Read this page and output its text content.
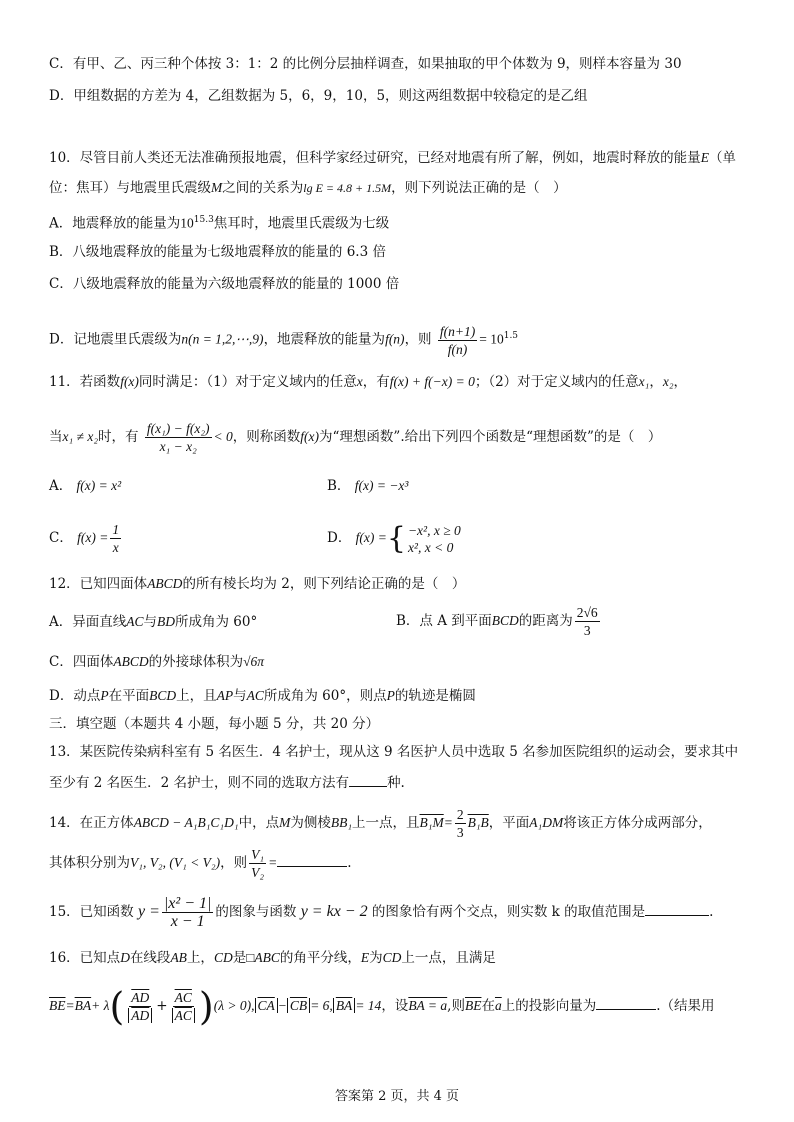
C．有甲、乙、丙三种个体按 3：1：2 的比例分层抽样调查，如果抽取的甲个体数为 9，则样本容量为 30
D．甲组数据的方差为 4，乙组数据为 5，6，9，10，5，则这两组数据中较稳定的是乙组
10．尽管目前人类还无法准确预报地震，但科学家经过研究，已经对地震有所了解，例如，地震时释放的能量E（单
位：焦耳）与地震里氏震级M之间的关系为lg E = 4.8 + 1.5M，则下列说法正确的是（　）
A．地震释放的能量为$10^{15.3}$焦耳时，地震里氏震级为七级
B．八级地震释放的能量为七级地震释放的能量的 6.3 倍
C．八级地震释放的能量为六级地震释放的能量的 1000 倍
D．记地震里氏震级为n(n = 1,2,⋯,9)，地震释放的能量为f(n)，则 $\frac{f(n+1)}{f(n)} = 10^{1.5}$
11．若函数f(x)同时满足：（1）对于定义域内的任意x，有f(x) + f(−x) = 0；（2）对于定义域内的任意x₁，x₂，
当x₁ ≠ x₂时，有 $\frac{\text{f(x₁) − f(x₂)}}{\text{x₁ − x₂}} < 0$，则称函数f(x)为“理想函数”.给出下列四个函数是“理想函数”的是（　）
A． f(x) = x²	B． f(x) = −x³
C． $f(x) = \frac{1}{x}$	D． f(x) ={ −x², x ≥ 0
x², x < 0
12．已知四面体ABCD的所有棱长均为 2，则下列结论正确的是（　）
A．异面直线AC与BD所成角为 60°	B．点 A 到平面BCD的距离为 $\frac{2√6}{3}$
C．四面体ABCD的外接球体积为√6π
D．动点P在平面BCD上，且AP与AC所成角为 60°，则点P的轨迹是椭圆
三．填空题（本题共 4 小题，每小题 5 分，共 20 分）
13．某医院传染病科室有 5 名医生．4 名护士，现从这 9 名医护人员中选取 5 名参加医院组织的运动会，要求其中
至少有 2 名医生．2 名护士，则不同的选取方法有	种.
14．在正方体ABCD − A₁B₁C₁D₁中，点M为侧棱BB₁上一点，且$B_1M= \frac{2}{3} B_1B$，平面A₁DM将该正方体分成两部分，
其体积分别为V₁, V₂, (V₁ < V₂)，则 $\frac{\text{V₁}}{\text{V₂}}$ =	.
15．已知函数 $y = \frac{\text{|x² − 1|}}{x - 1}$ 的图象与函数 y = kx − 2 的图象恰有两个交点，则实数 k 的取值范围是	.
16．已知点D在线段AB上，CD是□ABC的角平分线，E为CD上一点，且满足
$\overline{BE}=\overline{BA}+ \lambda( \frac{\overline{AD}}{AD} + \frac{\overline{AC}}{AC} )(\lambda > 0)$, $\overline{CA} - \overline{CB} = 6$, $\overline{BA} = 14$，设BA = a,则$\overline{BE}$在$\overline{a}$上的投影向量为	.（结果用
答案第 2 页，共 4 页
